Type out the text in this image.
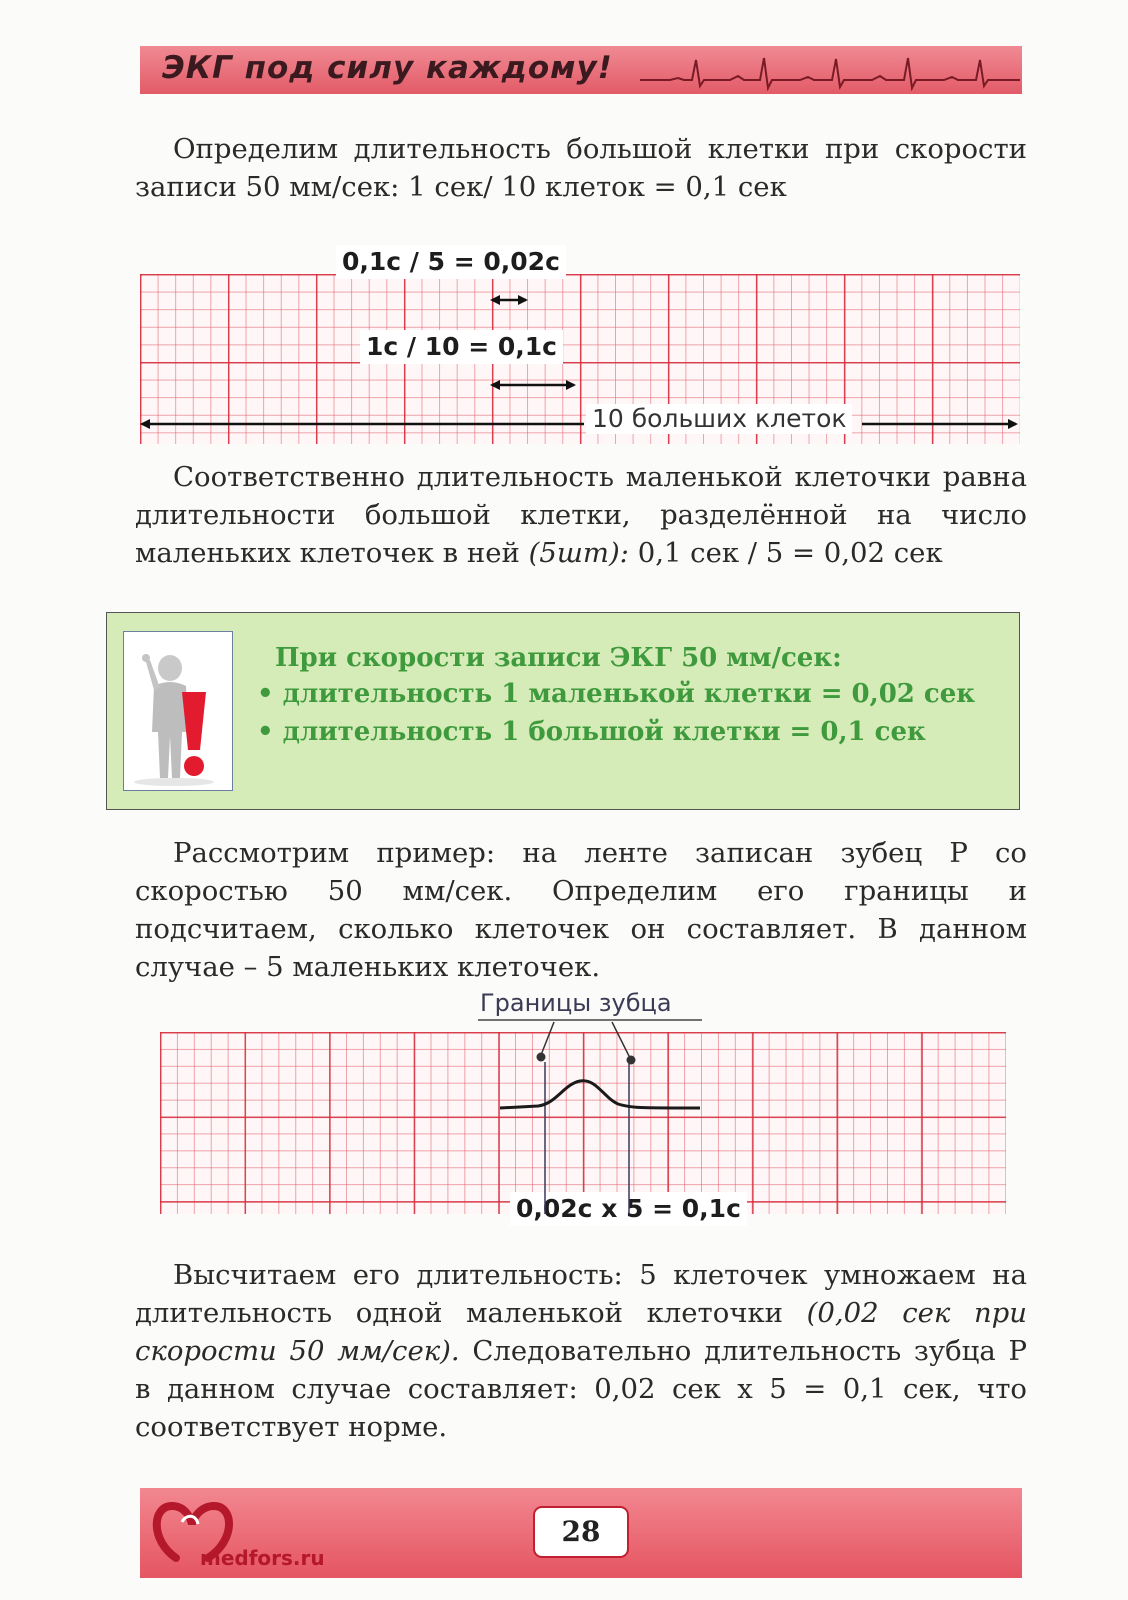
ЭКГ под силу каждому!

Определим длительность большой клетки при скорости записи 50 мм/сек: 1 сек/ 10 клеток = 0,1 сек

0,1с / 5 = 0,02с
1с / 10 = 0,1с
10 больших клеток

Соответственно длительность маленькой клеточки равна длительности большой клетки, разделённой на число маленьких клеточек в ней (5шт): 0,1 сек / 5 = 0,02 сек

При скорости записи ЭКГ 50 мм/сек:
• длительность 1 маленькой клетки = 0,02 сек
• длительность 1 большой клетки = 0,1 сек

Рассмотрим пример: на ленте записан зубец Р со скоростью 50 мм/сек. Определим его границы и подсчитаем, сколько клеточек он составляет. В данном случае – 5 маленьких клеточек.

Границы зубца
0,02с х 5 = 0,1с

Высчитаем его длительность: 5 клеточек умножаем на длительность одной маленькой клеточки (0,02 сек при скорости 50 мм/сек). Следовательно длительность зубца Р в данном случае составляет: 0,02 сек х 5 = 0,1 сек, что соответствует норме.

medfors.ru
28
